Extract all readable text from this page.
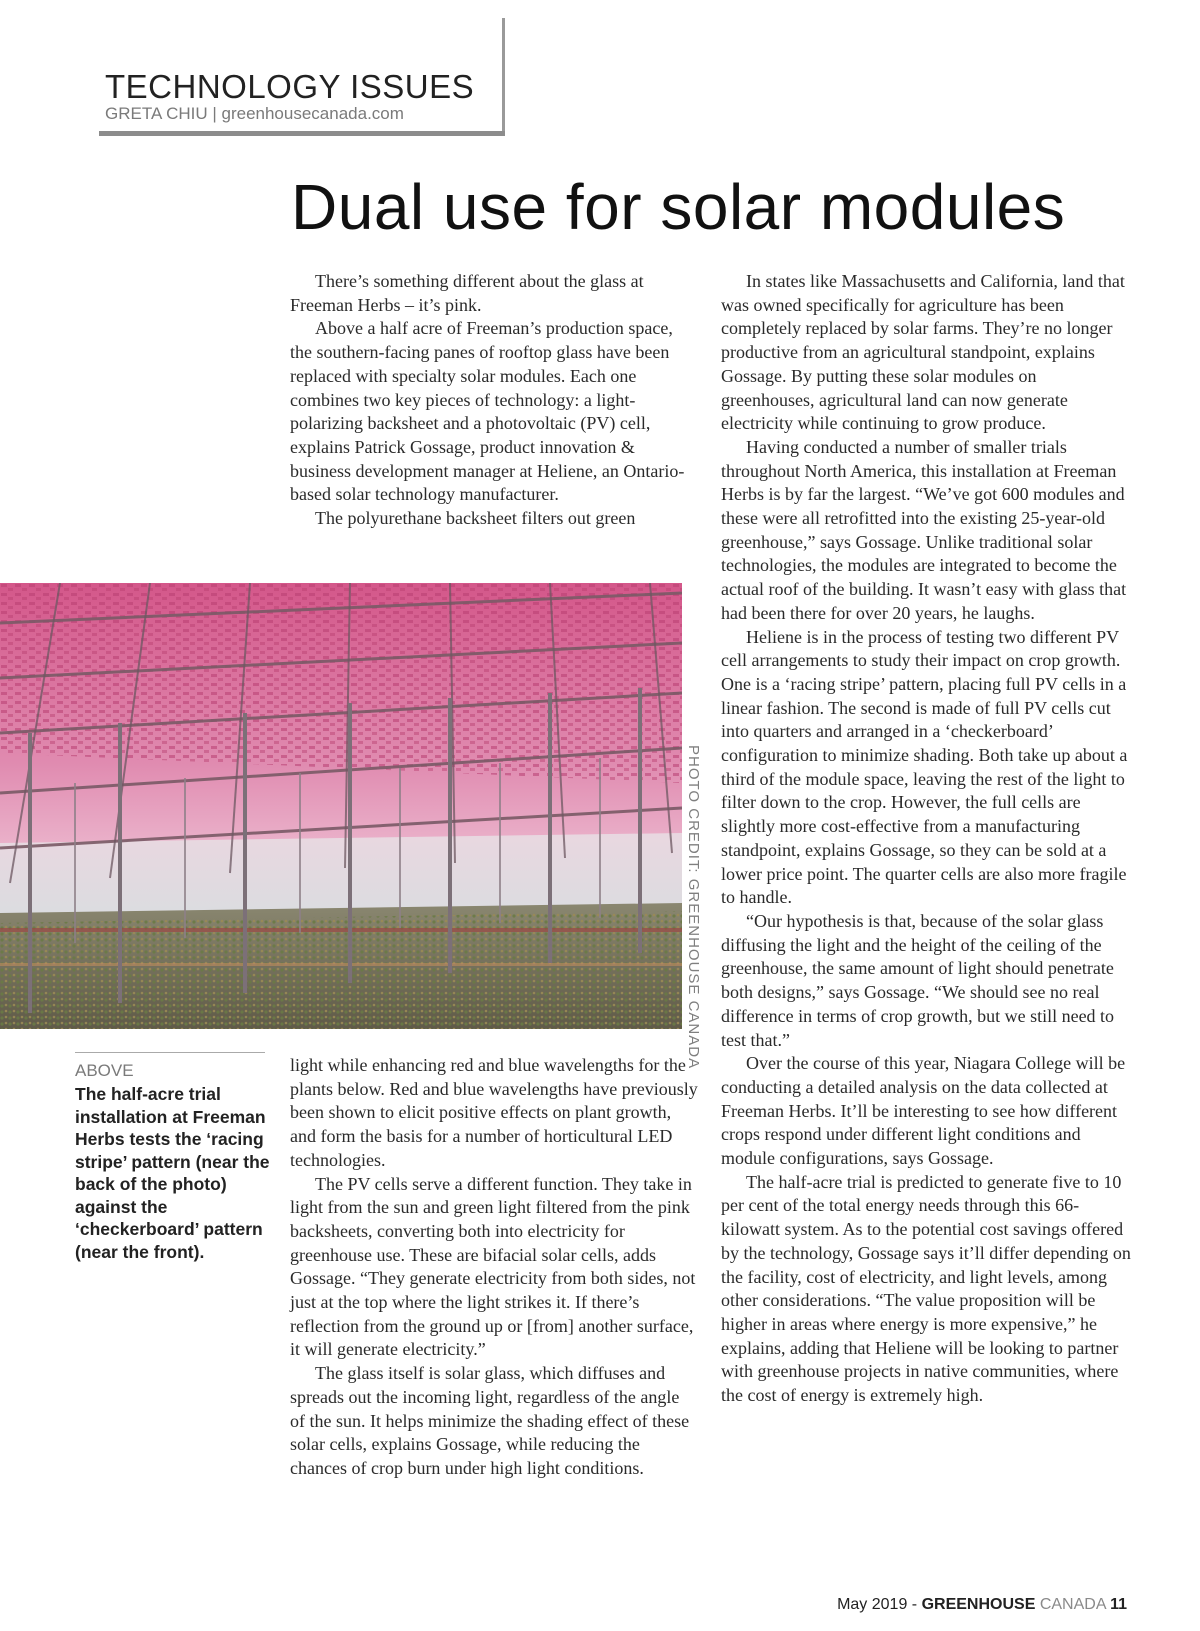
TECHNOLOGY ISSUES
GRETA CHIU | greenhousecanada.com
Dual use for solar modules

There’s something different about the glass at Freeman Herbs – it’s pink.

Above a half acre of Freeman’s production space, the southern-facing panes of rooftop glass have been replaced with specialty solar modules. Each one combines two key pieces of technology: a light-polarizing backsheet and a photovoltaic (PV) cell, explains Patrick Gossage, product innovation & business development manager at Heliene, an Ontario-based solar technology manufacturer.

The polyurethane backsheet filters out green

PHOTO CREDIT: GREENHOUSE CANADA
ABOVE
The half-acre trial installation at Freeman Herbs tests the ‘racing stripe’ pattern (near the back of the photo) against the ‘checkerboard’ pattern (near the front).

light while enhancing red and blue wavelengths for the plants below. Red and blue wavelengths have previously been shown to elicit positive effects on plant growth, and form the basis for a number of horticultural LED technologies.

The PV cells serve a different function. They take in light from the sun and green light filtered from the pink backsheets, converting both into electricity for greenhouse use. These are bifacial solar cells, adds Gossage. “They generate electricity from both sides, not just at the top where the light strikes it. If there’s reflection from the ground up or [from] another surface, it will generate electricity.”

The glass itself is solar glass, which diffuses and spreads out the incoming light, regardless of the angle of the sun. It helps minimize the shading effect of these solar cells, explains Gossage, while reducing the chances of crop burn under high light conditions.

In states like Massachusetts and California, land that was owned specifically for agriculture has been completely replaced by solar farms. They’re no longer productive from an agricultural standpoint, explains Gossage. By putting these solar modules on greenhouses, agricultural land can now generate electricity while continuing to grow produce.

Having conducted a number of smaller trials throughout North America, this installation at Freeman Herbs is by far the largest. “We’ve got 600 modules and these were all retrofitted into the existing 25-year-old greenhouse,” says Gossage. Unlike traditional solar technologies, the modules are integrated to become the actual roof of the building. It wasn’t easy with glass that had been there for over 20 years, he laughs.

Heliene is in the process of testing two different PV cell arrangements to study their impact on crop growth. One is a ‘racing stripe’ pattern, placing full PV cells in a linear fashion. The second is made of full PV cells cut into quarters and arranged in a ‘checkerboard’ configuration to minimize shading. Both take up about a third of the module space, leaving the rest of the light to filter down to the crop. However, the full cells are slightly more cost-effective from a manufacturing standpoint, explains Gossage, so they can be sold at a lower price point. The quarter cells are also more fragile to handle.

“Our hypothesis is that, because of the solar glass diffusing the light and the height of the ceiling of the greenhouse, the same amount of light should penetrate both designs,” says Gossage. “We should see no real difference in terms of crop growth, but we still need to test that.”

Over the course of this year, Niagara College will be conducting a detailed analysis on the data collected at Freeman Herbs. It’ll be interesting to see how different crops respond under different light conditions and module configurations, says Gossage.

The half-acre trial is predicted to generate five to 10 per cent of the total energy needs through this 66-kilowatt system. As to the potential cost savings offered by the technology, Gossage says it’ll differ depending on the facility, cost of electricity, and light levels, among other considerations. “The value proposition will be higher in areas where energy is more expensive,” he explains, adding that Heliene will be looking to partner with greenhouse projects in native communities, where the cost of energy is extremely high.

May 2019 - GREENHOUSE CANADA 11
